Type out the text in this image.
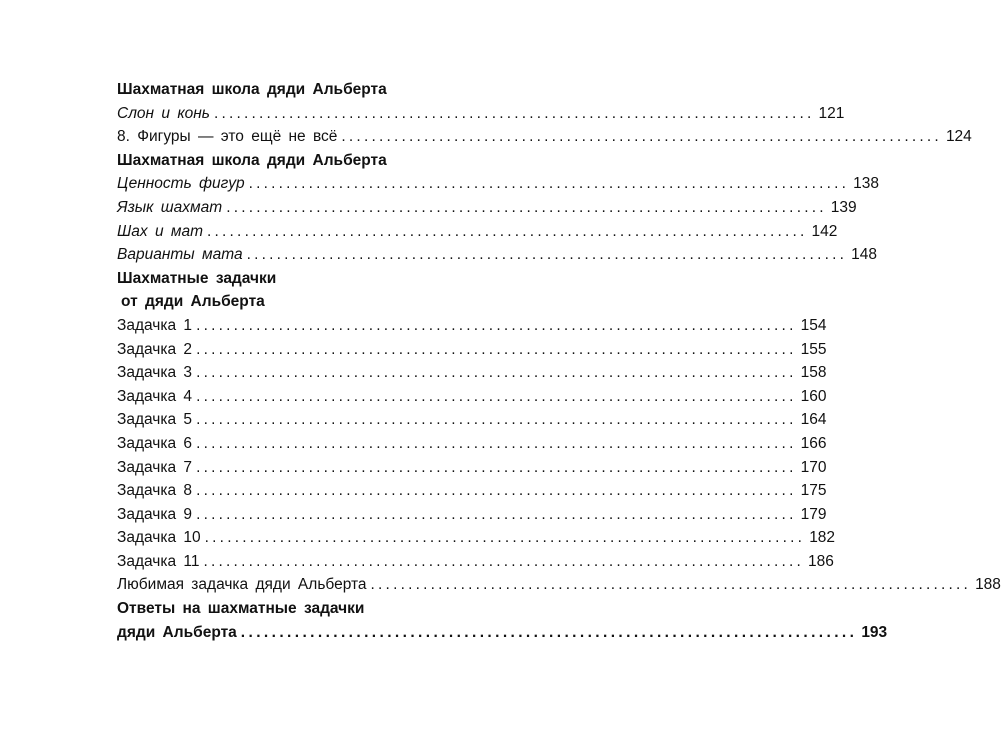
Шахматная школа дяди Альберта
Слон и конь ................................................................................ 121
8. Фигуры — это ещё не всё ................................................................................ 124
Шахматная школа дяди Альберта
Ценность фигур ................................................................................ 138
Язык шахмат ................................................................................ 139
Шах и мат ................................................................................ 142
Варианты мата ................................................................................ 148
Шахматные задачки
от дяди Альберта
Задачка 1 ................................................................................ 154
Задачка 2 ................................................................................ 155
Задачка 3 ................................................................................ 158
Задачка 4 ................................................................................ 160
Задачка 5 ................................................................................ 164
Задачка 6 ................................................................................ 166
Задачка 7 ................................................................................ 170
Задачка 8 ................................................................................ 175
Задачка 9 ................................................................................ 179
Задачка 10 ................................................................................ 182
Задачка 11 ................................................................................ 186
Любимая задачка дяди Альберта ................................................................................ 188
Ответы на шахматные задачки
дяди Альберта ................................................................................ 193
